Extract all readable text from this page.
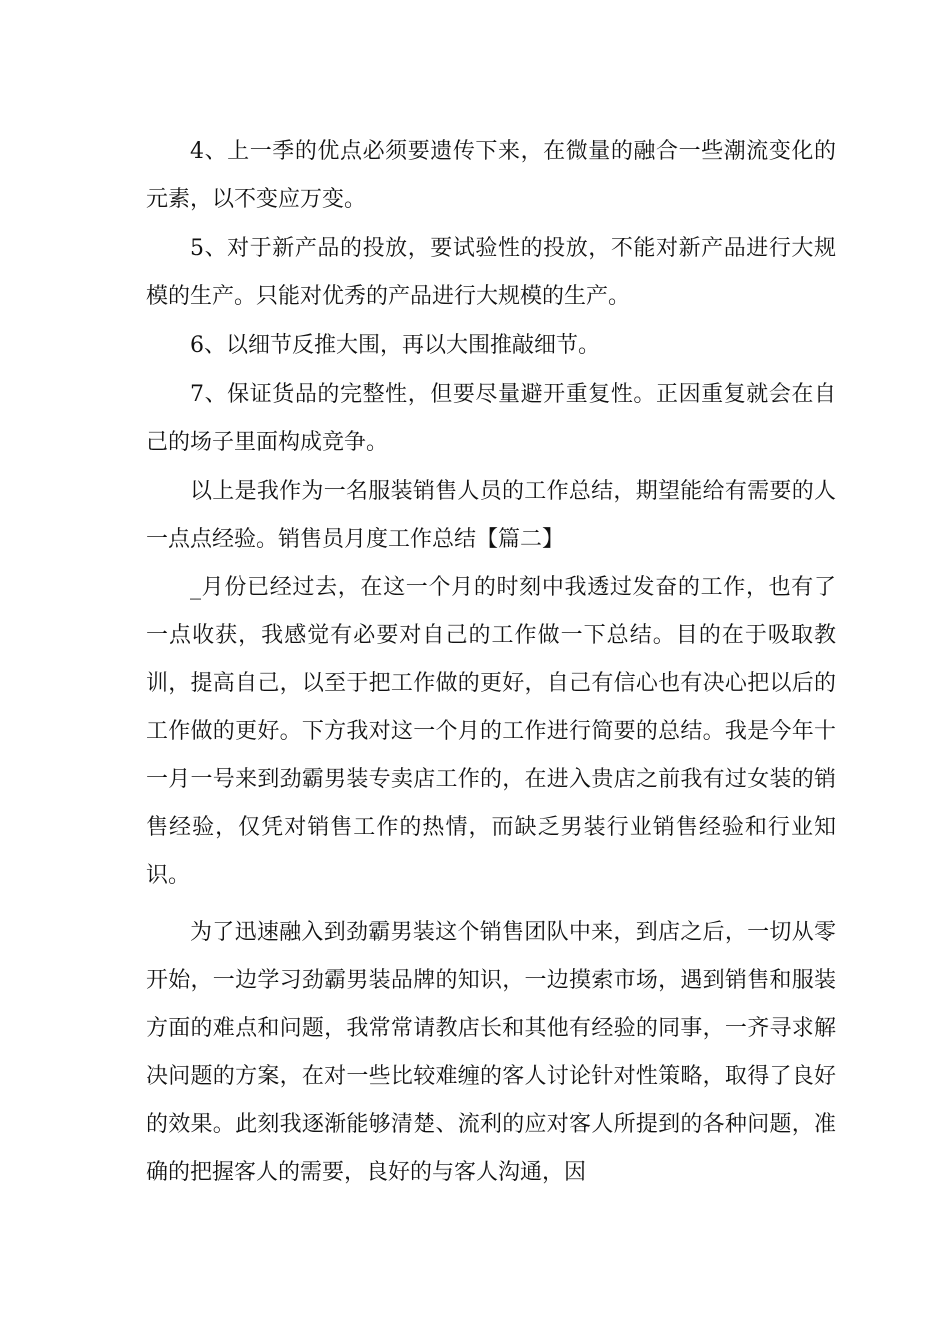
4、上一季的优点必须要遗传下来，在微量的融合一些潮流变化的元素，以不变应万变。

5、对于新产品的投放，要试验性的投放，不能对新产品进行大规模的生产。只能对优秀的产品进行大规模的生产。

6、以细节反推大围，再以大围推敲细节。

7、保证货品的完整性，但要尽量避开重复性。正因重复就会在自己的场子里面构成竞争。

以上是我作为一名服装销售人员的工作总结，期望能给有需要的人一点点经验。销售员月度工作总结【篇二】

_月份已经过去，在这一个月的时刻中我透过发奋的工作，也有了一点收获，我感觉有必要对自己的工作做一下总结。目的在于吸取教训，提高自己，以至于把工作做的更好，自己有信心也有决心把以后的工作做的更好。下方我对这一个月的工作进行简要的总结。我是今年十一月一号来到劲霸男装专卖店工作的，在进入贵店之前我有过女装的销售经验，仅凭对销售工作的热情，而缺乏男装行业销售经验和行业知识。

为了迅速融入到劲霸男装这个销售团队中来，到店之后，一切从零开始，一边学习劲霸男装品牌的知识，一边摸索市场，遇到销售和服装方面的难点和问题，我常常请教店长和其他有经验的同事，一齐寻求解决问题的方案，在对一些比较难缠的客人讨论针对性策略，取得了良好的效果。此刻我逐渐能够清楚、流利的应对客人所提到的各种问题，准确的把握客人的需要，良好的与客人沟通，因
